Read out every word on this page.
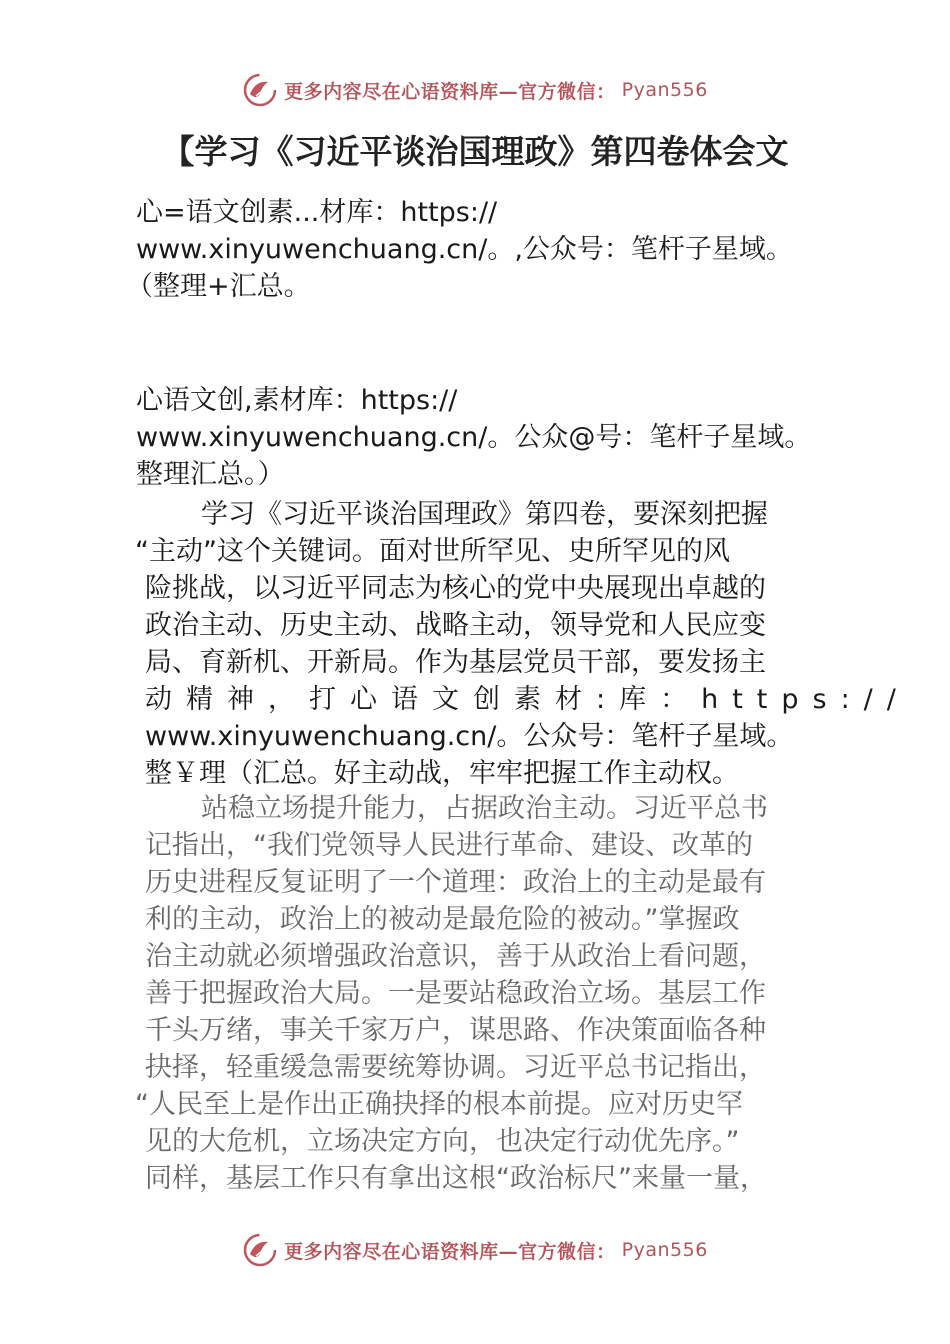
更多内容尽在心语资料库—官方微信： Pyan556
【学习《习近平谈治国理政》第四卷体会文
心=语文创素...材库：https://
www.xinyuwenchuang.cn/。,公众号：笔杆子星域。
（整理+汇总。
心语文创,素材库：https://
www.xinyuwenchuang.cn/。公众@号：笔杆子星域。
整理汇总。）
学习《习近平谈治国理政》第四卷，要深刻把握
“主动”这个关键词。面对世所罕见、史所罕见的风
险挑战，以习近平同志为核心的党中央展现出卓越的
政治主动、历史主动、战略主动，领导党和人民应变
局、育新机、开新局。作为基层党员干部，要发扬主
动精神，打心语文创素材:库：https://
www.xinyuwenchuang.cn/。公众号：笔杆子星域。
整￥理（汇总。好主动战，牢牢把握工作主动权。
站稳立场提升能力，占据政治主动。习近平总书
记指出，“我们党领导人民进行革命、建设、改革的
历史进程反复证明了一个道理：政治上的主动是最有
利的主动，政治上的被动是最危险的被动。”掌握政
治主动就必须增强政治意识，善于从政治上看问题，
善于把握政治大局。一是要站稳政治立场。基层工作
千头万绪，事关千家万户，谋思路、作决策面临各种
抉择，轻重缓急需要统筹协调。习近平总书记指出，
“人民至上是作出正确抉择的根本前提。应对历史罕
见的大危机，立场决定方向，也决定行动优先序。”
同样，基层工作只有拿出这根“政治标尺”来量一量，
更多内容尽在心语资料库—官方微信： Pyan556
